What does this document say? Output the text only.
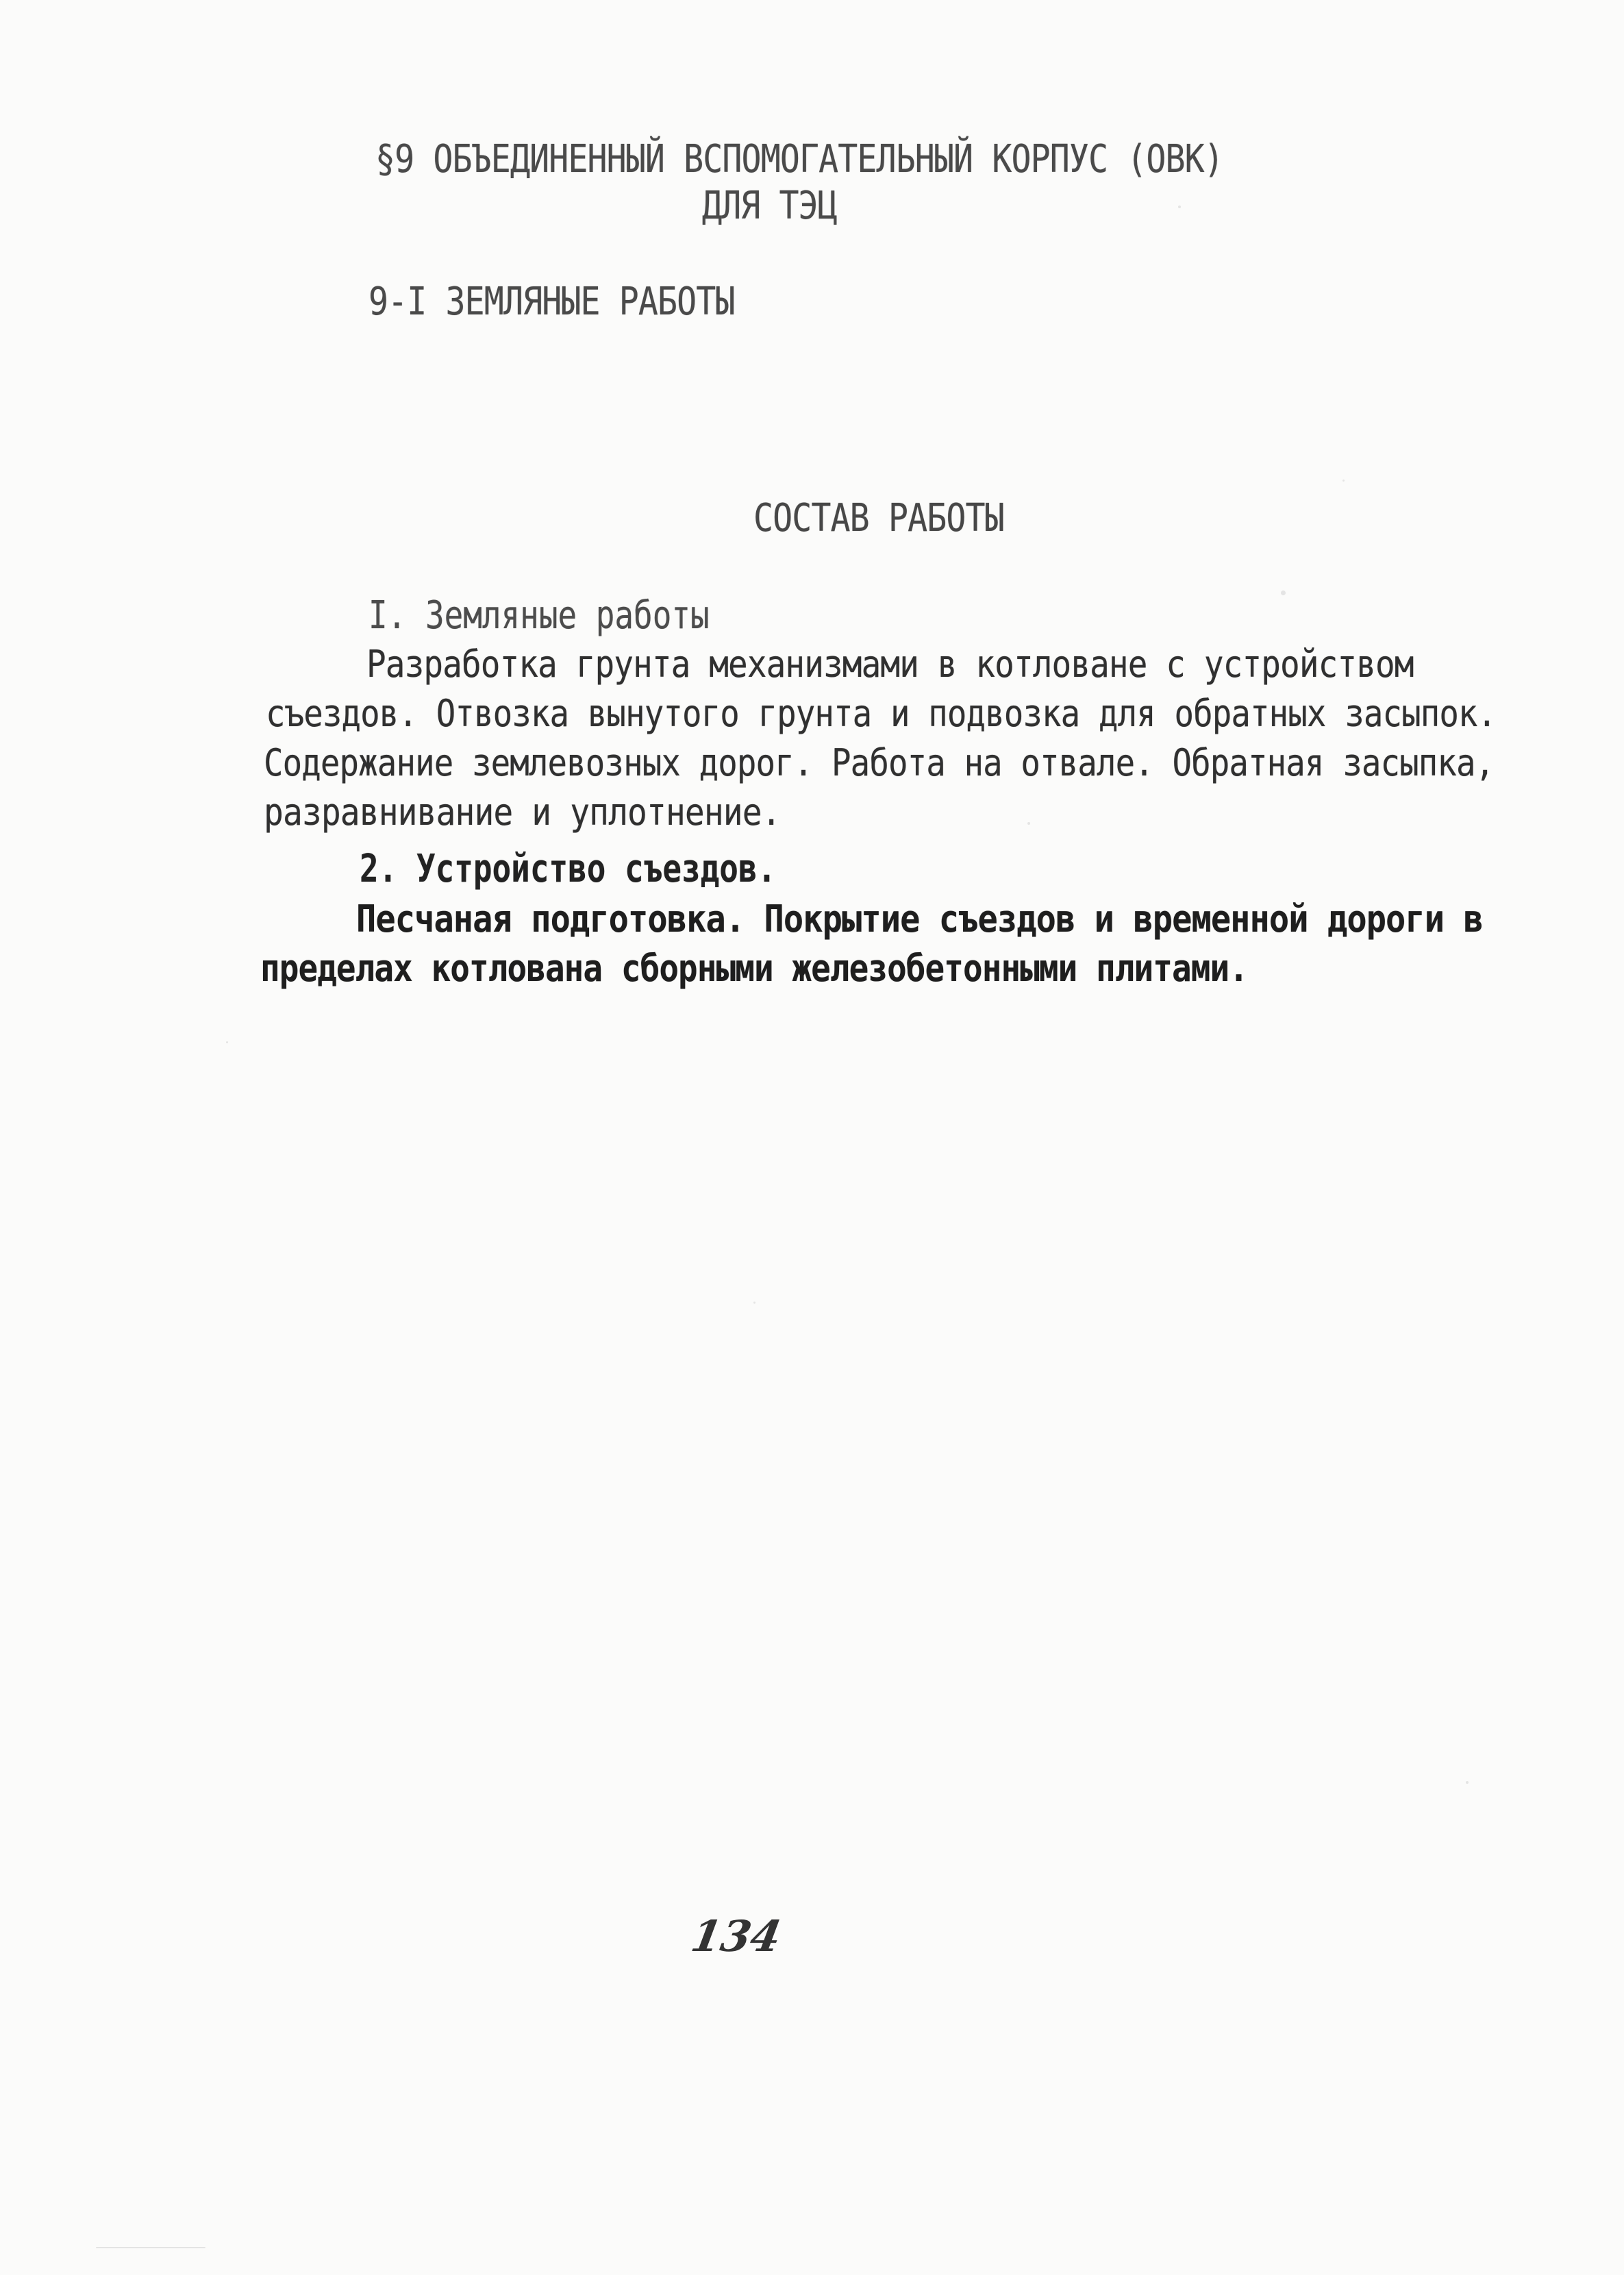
§9 ОБЪЕДИНЕННЫЙ ВСПОМОГАТЕЛЬНЫЙ КОРПУС (ОВК)

ДЛЯ ТЭЦ

9-I ЗЕМЛЯНЫЕ РАБОТЫ

СОСТАВ РАБОТЫ

I. Земляные работы

Разработка грунта механизмами в котловане с устройством

съездов. Отвозка вынутого грунта и подвозка для обратных засыпок.

Содержание землевозных дорог. Работа на отвале. Обратная засыпка,

разравнивание и уплотнение.

2. Устройство съездов.

Песчаная подготовка. Покрытие съездов и временной дороги в

пределах котлована сборными железобетонными плитами.

134
